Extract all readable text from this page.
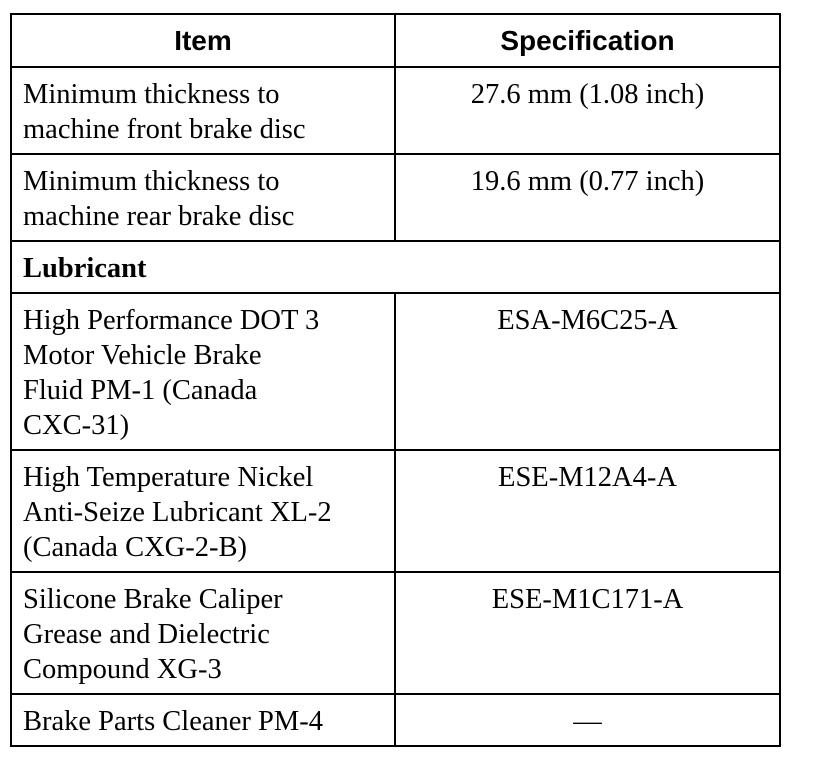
Item	Specification
Minimum thickness to
machine front brake disc	27.6 mm (1.08 inch)
Minimum thickness to
machine rear brake disc	19.6 mm (0.77 inch)
Lubricant	
High Performance DOT 3
Motor Vehicle Brake
Fluid PM-1 (Canada
CXC-31)	ESA-M6C25-A
High Temperature Nickel
Anti-Seize Lubricant XL-2
(Canada CXG-2-B)	ESE-M12A4-A
Silicone Brake Caliper
Grease and Dielectric
Compound XG-3	ESE-M1C171-A
Brake Parts Cleaner PM-4	—
